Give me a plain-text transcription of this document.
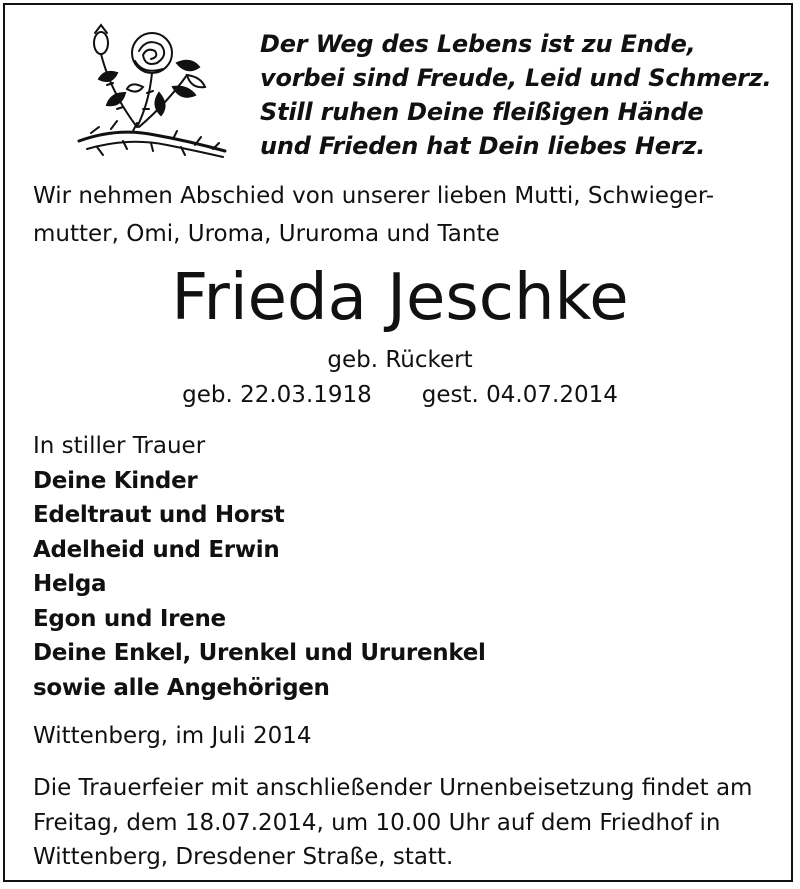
Der Weg des Lebens ist zu Ende,
vorbei sind Freude, Leid und Schmerz.
Still ruhen Deine fleißigen Hände
und Frieden hat Dein liebes Herz.
Wir nehmen Abschied von unserer lieben Mutti, Schwieger-
mutter, Omi, Uroma, Ururoma und Tante
Frieda Jeschke
geb. Rückert
geb. 22.03.1918 gest. 04.07.2014
In stiller Trauer
Deine Kinder
Edeltraut und Horst
Adelheid und Erwin
Helga
Egon und Irene
Deine Enkel, Urenkel und Ururenkel
sowie alle Angehörigen
Wittenberg, im Juli 2014
Die Trauerfeier mit anschließender Urnenbeisetzung findet am
Freitag, dem 18.07.2014, um 10.00 Uhr auf dem Friedhof in
Wittenberg, Dresdener Straße, statt.
